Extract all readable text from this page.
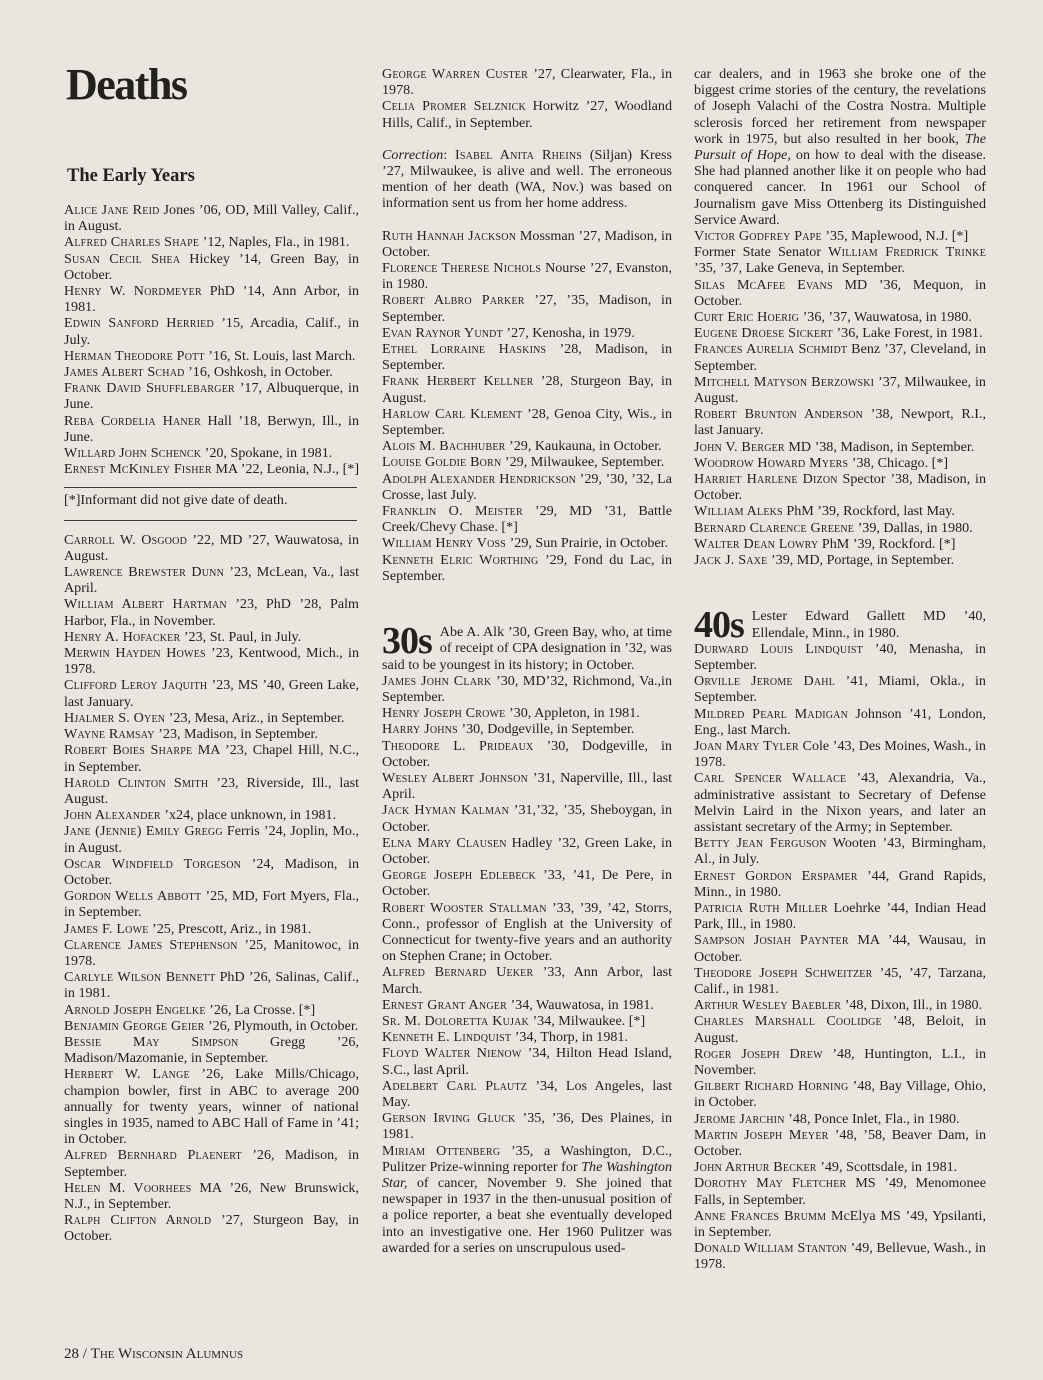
Deaths
The Early Years

Alice Jane Reid Jones ’06, OD, Mill Valley, Calif., in August.

Alfred Charles Shape ’12, Naples, Fla., in 1981.

Susan Cecil Shea Hickey ’14, Green Bay, in October.

Henry W. Nordmeyer PhD ’14, Ann Arbor, in 1981.

Edwin Sanford Herried ’15, Arcadia, Calif., in July.

Herman Theodore Pott ’16, St. Louis, last March.

James Albert Schad ’16, Oshkosh, in October.

Frank David Shufflebarger ’17, Albuquerque, in June.

Reba Cordelia Haner Hall ’18, Berwyn, Ill., in June.

Willard John Schenck ’20, Spokane, in 1981.

Ernest McKinley Fisher MA ’22, Leonia, N.J., [*]

[*]Informant did not give date of death.

Carroll W. Osgood ’22, MD ’27, Wauwatosa, in August.

Lawrence Brewster Dunn ’23, McLean, Va., last April.

William Albert Hartman ’23, PhD ’28, Palm Harbor, Fla., in November.

Henry A. Hofacker ’23, St. Paul, in July.

Merwin Hayden Howes ’23, Kentwood, Mich., in 1978.

Clifford Leroy Jaquith ’23, MS ’40, Green Lake, last January.

Hjalmer S. Oyen ’23, Mesa, Ariz., in September.

Wayne Ramsay ’23, Madison, in September.

Robert Boies Sharpe MA ’23, Chapel Hill, N.C., in September.

Harold Clinton Smith ’23, Riverside, Ill., last August.

John Alexander ’x24, place unknown, in 1981.

Jane (Jennie) Emily Gregg Ferris ’24, Joplin, Mo., in August.

Oscar Windfield Torgeson ’24, Madison, in October.

Gordon Wells Abbott ’25, MD, Fort Myers, Fla., in September.

James F. Lowe ’25, Prescott, Ariz., in 1981.

Clarence James Stephenson ’25, Manitowoc, in 1978.

Carlyle Wilson Bennett PhD ’26, Salinas, Calif., in 1981.

Arnold Joseph Engelke ’26, La Crosse. [*]

Benjamin George Geier ’26, Plymouth, in October.

Bessie May Simpson Gregg ’26, Madison/Mazomanie, in September.

Herbert W. Lange ’26, Lake Mills/Chicago, champion bowler, first in ABC to average 200 annually for twenty years, winner of national singles in 1935, named to ABC Hall of Fame in ’41; in October.

Alfred Bernhard Plaenert ’26, Madison, in September.

Helen M. Voorhees MA ’26, New Brunswick, N.J., in September.

Ralph Clifton Arnold ’27, Sturgeon Bay, in October.

George Warren Custer ’27, Clearwater, Fla., in 1978.

Celia Promer Selznick Horwitz ’27, Woodland Hills, Calif., in September.

Correction: Isabel Anita Rheins (Siljan) Kress ’27, Milwaukee, is alive and well. The erroneous mention of her death (WA, Nov.) was based on information sent us from her home address.

Ruth Hannah Jackson Mossman ’27, Madison, in October.

Florence Therese Nichols Nourse ’27, Evanston, in 1980.

Robert Albro Parker ’27, ’35, Madison, in September.

Evan Raynor Yundt ’27, Kenosha, in 1979.

Ethel Lorraine Haskins ’28, Madison, in September.

Frank Herbert Kellner ’28, Sturgeon Bay, in August.

Harlow Carl Klement ’28, Genoa City, Wis., in September.

Alois M. Bachhuber ’29, Kaukauna, in October.

Louise Goldie Born ’29, Milwaukee, September.

Adolph Alexander Hendrickson ’29, ’30, ’32, La Crosse, last July.

Franklin O. Meister ’29, MD ’31, Battle Creek/Chevy Chase. [*]

William Henry Voss ’29, Sun Prairie, in October.

Kenneth Elric Worthing ’29, Fond du Lac, in September.

30s Abe A. Alk ’30, Green Bay, who, at time of receipt of CPA designation in ’32, was said to be youngest in its history; in October.

James John Clark ’30, MD’32, Richmond, Va.,in September.

Henry Joseph Crowe ’30, Appleton, in 1981.

Harry Johns ’30, Dodgeville, in September.

Theodore L. Prideaux ’30, Dodgeville, in October.

Wesley Albert Johnson ’31, Naperville, Ill., last April.

Jack Hyman Kalman ’31,’32, ’35, Sheboygan, in October.

Elna Mary Clausen Hadley ’32, Green Lake, in October.

George Joseph Edlebeck ’33, ’41, De Pere, in October.

Robert Wooster Stallman ’33, ’39, ’42, Storrs, Conn., professor of English at the University of Connecticut for twenty-five years and an authority on Stephen Crane; in October.

Alfred Bernard Ueker ’33, Ann Arbor, last March.

Ernest Grant Anger ’34, Wauwatosa, in 1981.

Sr. M. Doloretta Kujak ’34, Milwaukee. [*]

Kenneth E. Lindquist ’34, Thorp, in 1981.

Floyd Walter Nienow ’34, Hilton Head Island, S.C., last April.

Adelbert Carl Plautz ’34, Los Angeles, last May.

Gerson Irving Gluck ’35, ’36, Des Plaines, in 1981.

Miriam Ottenberg ’35, a Washington, D.C., Pulitzer Prize-winning reporter for The Washington Star, of cancer, November 9. She joined that newspaper in 1937 in the then-unusual position of a police reporter, a beat she eventually developed into an investigative one. Her 1960 Pulitzer was awarded for a series on unscrupulous used-

car dealers, and in 1963 she broke one of the biggest crime stories of the century, the revelations of Joseph Valachi of the Costra Nostra. Multiple sclerosis forced her retirement from newspaper work in 1975, but also resulted in her book, The Pursuit of Hope, on how to deal with the disease. She had planned another like it on people who had conquered cancer. In 1961 our School of Journalism gave Miss Ottenberg its Distinguished Service Award.

Victor Godfrey Pape ’35, Maplewood, N.J. [*]

Former State Senator William Fredrick Trinke ’35, ’37, Lake Geneva, in September.

Silas McAfee Evans MD ’36, Mequon, in October.

Curt Eric Hoerig ’36, ’37, Wauwatosa, in 1980.

Eugene Droese Sickert ’36, Lake Forest, in 1981.

Frances Aurelia Schmidt Benz ’37, Cleveland, in September.

Mitchell Matyson Berzowski ’37, Milwaukee, in August.

Robert Brunton Anderson ’38, Newport, R.I., last January.

John V. Berger MD ’38, Madison, in September.

Woodrow Howard Myers ’38, Chicago. [*]

Harriet Harlene Dizon Spector ’38, Madison, in October.

William Aleks PhM ’39, Rockford, last May.

Bernard Clarence Greene ’39, Dallas, in 1980.

Walter Dean Lowry PhM ’39, Rockford. [*]

Jack J. Saxe ’39, MD, Portage, in September.

40s Lester Edward Gallett MD ’40, Ellendale, Minn., in 1980.

Durward Louis Lindquist ’40, Menasha, in September.

Orville Jerome Dahl ’41, Miami, Okla., in September.

Mildred Pearl Madigan Johnson ’41, London, Eng., last March.

Joan Mary Tyler Cole ’43, Des Moines, Wash., in 1978.

Carl Spencer Wallace ’43, Alexandria, Va., administrative assistant to Secretary of Defense Melvin Laird in the Nixon years, and later an assistant secretary of the Army; in September.

Betty Jean Ferguson Wooten ’43, Birmingham, Al., in July.

Ernest Gordon Erspamer ’44, Grand Rapids, Minn., in 1980.

Patricia Ruth Miller Loehrke ’44, Indian Head Park, Ill., in 1980.

Sampson Josiah Paynter MA ’44, Wausau, in October.

Theodore Joseph Schweitzer ’45, ’47, Tarzana, Calif., in 1981.

Arthur Wesley Baebler ’48, Dixon, Ill., in 1980.

Charles Marshall Coolidge ’48, Beloit, in August.

Roger Joseph Drew ’48, Huntington, L.I., in November.

Gilbert Richard Horning ’48, Bay Village, Ohio, in October.

Jerome Jarchin ’48, Ponce Inlet, Fla., in 1980.

Martin Joseph Meyer ’48, ’58, Beaver Dam, in October.

John Arthur Becker ’49, Scottsdale, in 1981.

Dorothy May Fletcher MS ’49, Menomonee Falls, in September.

Anne Frances Brumm McElya MS ’49, Ypsilanti, in September.

Donald William Stanton ’49, Bellevue, Wash., in 1978.

28 / The Wisconsin Alumnus
